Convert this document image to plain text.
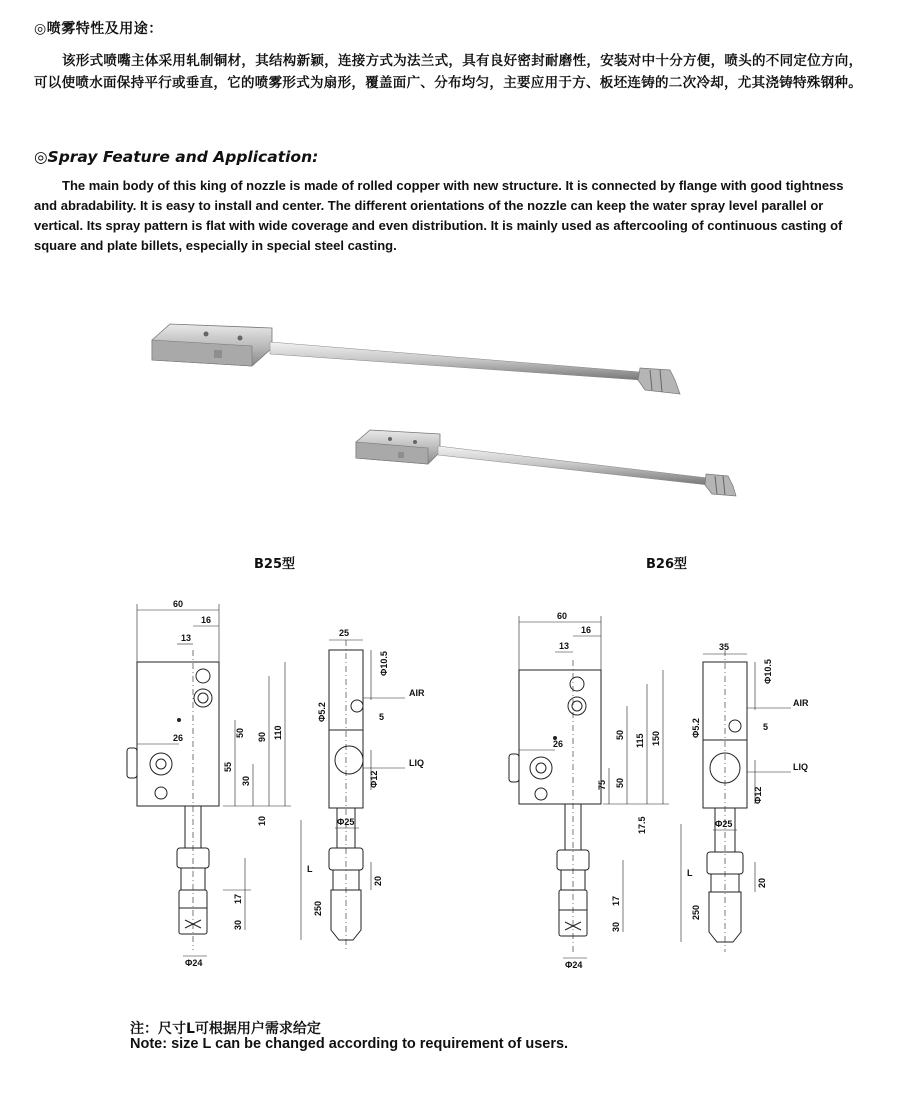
◎喷雾特性及用途：
该形式喷嘴主体采用轧制铜材，其结构新颖，连接方式为法兰式，具有良好密封耐磨性，安装对中十分方便，喷头的不同定位方向，可以使喷水面保持平行或垂直，它的喷雾形式为扇形，覆盖面广、分布均匀，主要应用于方、板坯连铸的二次冷却，尤其浇铸特殊钢种。
◎Spray Feature and Application:
The main body of this king of nozzle is made of rolled copper with new structure. It is connected by flange with good tightness and abradability. It is easy to install and center. The different orientations of the nozzle can keep the water spray level parallel or vertical. Its spray pattern is flat with wide coverage and even distribution. It is mainly used as aftercooling of continuous casting of square and plate billets, especially in special steel casting.
B25型	B26型
60
16
13
26	50
55
30
90 110
10
17
30
Φ24
25
Φ10.5
Φ5.2	5
Φ12
Φ25
L
250
20
AIR
LIQ
60
16
13
26
50
75 50
115 150
17.5
17
30
Φ24
35
Φ10.5
Φ5.2	5
Φ12
Φ25
L
250
20
AIR
LIQ
注：尺寸L可根据用户需求给定
Note: size L can be changed according to requirement of users.
